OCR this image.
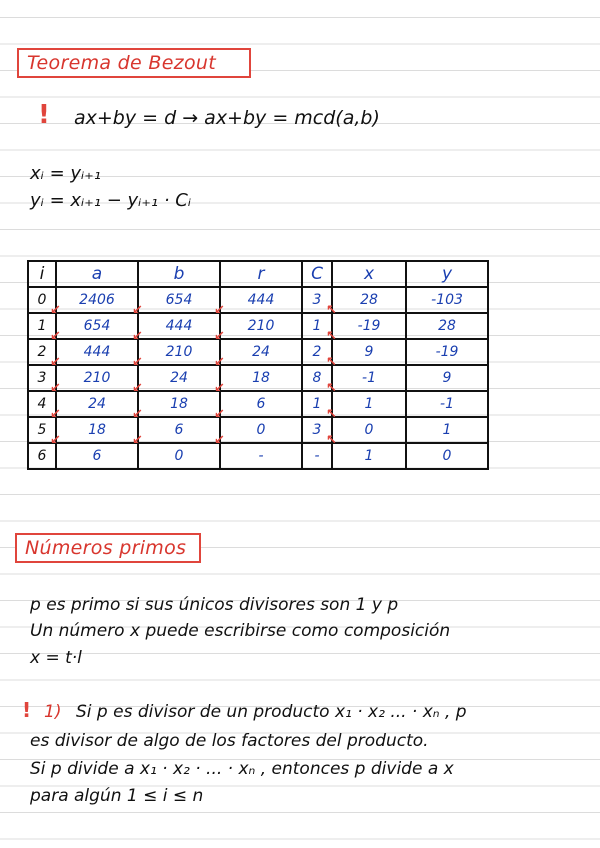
Teorema de Bezout
! ax+by = d → ax+by = mcd(a,b)
xᵢ = yᵢ₊₁
yᵢ = xᵢ₊₁ − yᵢ₊₁ · Cᵢ
i	a	b	r	C	x	y
0	2406	654	444	3	28	-103
1	654	444	210	1	-19	28
2	444	210	24	2	9	-19
3	210	24	18	8	-1	9
4	24	18	6	1	1	-1
5	18	6	0	3	0	1
6	6	0	-	-	1	0
↙	↙	↙	↖
↙	↙	↙	↖
↙	↙	↙	↖
↙	↙	↙	↖
↙	↙	↙	↖
↙	↙	↙	↖
Números primos
p es primo si sus únicos divisores son 1 y p
Un número x puede escribirse como composición
x = t·l
! 1) Si p es divisor de un producto x₁ · x₂ ... · xₙ , p
es divisor de algo de los factores del producto.
Si p divide a x₁ · x₂ · ... · xₙ , entonces p divide a x
para algún 1 ≤ i ≤ n
